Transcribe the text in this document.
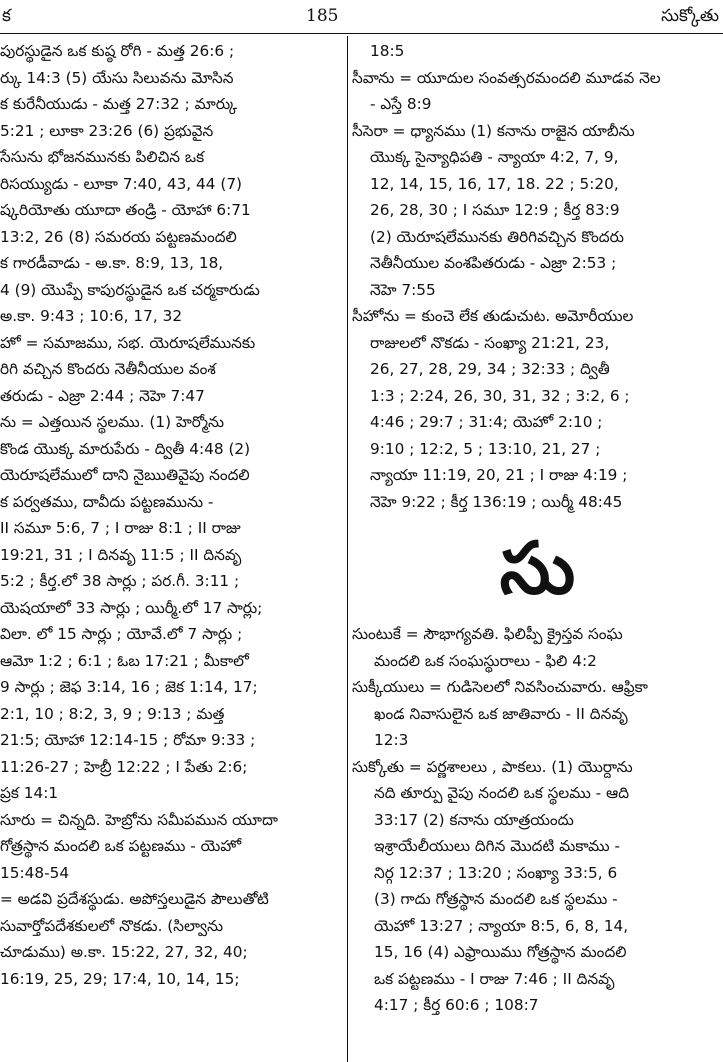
క	185	సుక్కోతు
పురస్థుడైన ఒక కుష్ఠ రోగి - మత్త 26:6 ;
ర్కు 14:3 (5) యేసు సిలువను మోసిన
క కురేనీయుడు - మత్త 27:32 ; మార్కు
5:21 ; లూకా 23:26 (6) ప్రభువైన
సేసును భోజనమునకు పిలిచిన ఒక
రిసయ్యుడు - లూకా 7:40, 43, 44 (7)
ష్కరియోతు యూదా తండ్రి - యోహా 6:71
13:2, 26 (8) సమరయ పట్టణమందలి
క గారడీవాడు - అ.కా. 8:9, 13, 18,
4 (9) యొప్పే కాపురస్థుడైన ఒక చర్మకారుడు
అ.కా. 9:43 ; 10:6, 17, 32
హో = సమాజము, సభ. యెరూషలేమునకు
రిగి వచ్చిన కొందరు నెతీనీయుల వంశ
తరుడు - ఎజ్రా 2:44 ; నెహె 7:47
ను = ఎత్తయిన స్థలము. (1) హెర్మోను
కొండ యొక్క మారుపేరు - ద్వితీ 4:48 (2)
యెరూషలేములో దాని నైఋతివైపు నందలి
క పర్వతము, దావీదు పట్టణమును -
II సమూ 5:6, 7 ; I రాజు 8:1 ; II రాజు
19:21, 31 ; I దినవృ 11:5 ; II దినవృ
5:2 ; కీర్త.లో 38 సార్లు ; పర.గీ. 3:11 ;
యెషయాలో 33 సార్లు ; యిర్మీ.లో 17 సార్లు;
విలా. లో 15 సార్లు ; యోవే.లో 7 సార్లు ;
ఆమో 1:2 ; 6:1 ; ఓబ 17:21 ; మీకాలో
9 సార్లు ; జెఫ 3:14, 16 ; జెక 1:14, 17;
2:1, 10 ; 8:2, 3, 9 ; 9:13 ; మత్త
21:5; యోహా 12:14-15 ; రోమా 9:33 ;
11:26-27 ; హెబ్రీ 12:22 ; I పేతు 2:6;
ప్రక 14:1
సూరు = చిన్నది. హెబ్రోను సమీపమున యూదా
గోత్రస్థాన మందలి ఒక పట్టణము - యెహో
15:48-54
= అడవి ప్రదేశస్థుడు. అపోస్తలుడైన పౌలుతోటి
సువార్తోపదేశకులలో నొకడు. (సిల్వాను
చూడుము) అ.కా. 15:22, 27, 32, 40;
16:19, 25, 29; 17:4, 10, 14, 15;
18:5
సీవాను = యూదుల సంవత్సరమందలి మూడవ నెల
- ఎస్తే 8:9
సీసెరా = ధ్యానము (1) కనాను రాజైన యాబీను
యొక్క సైన్యాధిపతి - న్యాయా 4:2, 7, 9,
12, 14, 15, 16, 17, 18. 22 ; 5:20,
26, 28, 30 ; I సమూ 12:9 ; కీర్త 83:9
(2) యెరూషలేమునకు తిరిగివచ్చిన కొందరు
నెతీనీయుల వంశపితరుడు - ఎజ్రా 2:53 ;
నెహె 7:55
సీహోను = కుంచె లేక తుడుచుట. అమోరీయుల
రాజులలో నొకడు - సంఖ్యా 21:21, 23,
26, 27, 28, 29, 34 ; 32:33 ; ద్వితీ
1:3 ; 2:24, 26, 30, 31, 32 ; 3:2, 6 ;
4:46 ; 29:7 ; 31:4; యెహో 2:10 ;
9:10 ; 12:2, 5 ; 13:10, 21, 27 ;
న్యాయా 11:19, 20, 21 ; I రాజు 4:19 ;
నెహె 9:22 ; కీర్త 136:19 ; యిర్మీ 48:45
సు
సుంటుకే = సౌభాగ్యవతి. ఫిలిప్పీ క్రైస్తవ సంఘ
మందలి ఒక సంఘస్థురాలు - ఫిలి 4:2
సుక్కీయులు = గుడిసెలలో నివసించువారు. ఆఫ్రికా
ఖండ నివాసులైన ఒక జాతివారు - II దినవృ
12:3
సుక్కోతు = పర్ణశాలలు , పాకలు. (1) యొర్దాను
నది తూర్పు వైపు నందలి ఒక స్థలము - ఆది
33:17 (2) కనాను యాత్రయందు
ఇశ్రాయేలీయులు దిగిన మొదటి మకాము -
నిర్గ 12:37 ; 13:20 ; సంఖ్యా 33:5, 6
(3) గాదు గోత్రస్థాన మందలి ఒక స్థలము -
యెహో 13:27 ; న్యాయా 8:5, 6, 8, 14,
15, 16 (4) ఎఫ్రాయిము గోత్రస్థాన మందలి
ఒక పట్టణము - I రాజు 7:46 ; II దినవృ
4:17 ; కీర్త 60:6 ; 108:7
